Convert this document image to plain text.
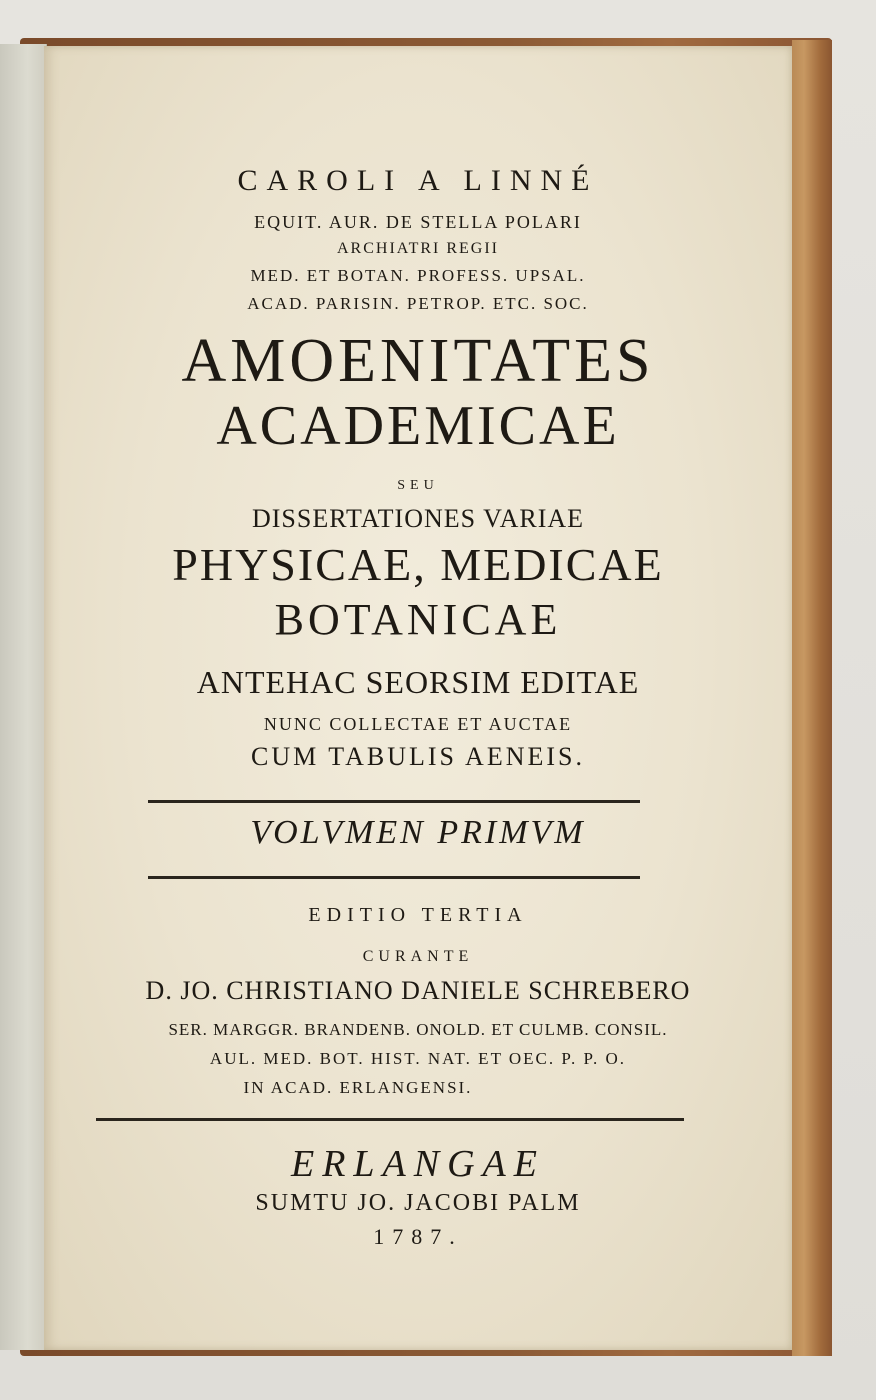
CAROLI A LINNÉ
EQUIT. AUR. DE STELLA POLARI
ARCHIATRI REGII
MED. ET BOTAN. PROFESS. UPSAL.
ACAD. PARISIN. PETROP. ETC. SOC.
AMOENITATES
ACADEMICAE
SEU
DISSERTATIONES VARIAE
PHYSICAE, MEDICAE
BOTANICAE
ANTEHAC SEORSIM EDITAE
NUNC COLLECTAE ET AUCTAE
CUM TABULIS AENEIS.
VOLVMEN PRIMVM
EDITIO TERTIA
CURANTE
D. JO. CHRISTIANO DANIELE SCHREBERO
SER. MARGGR. BRANDENB. ONOLD. ET CULMB. CONSIL.
AUL. MED. BOT. HIST. NAT. ET OEC. P. P. O.
IN ACAD. ERLANGENSI.
ERLANGAE
SUMTU JO. JACOBI PALM
1787.
